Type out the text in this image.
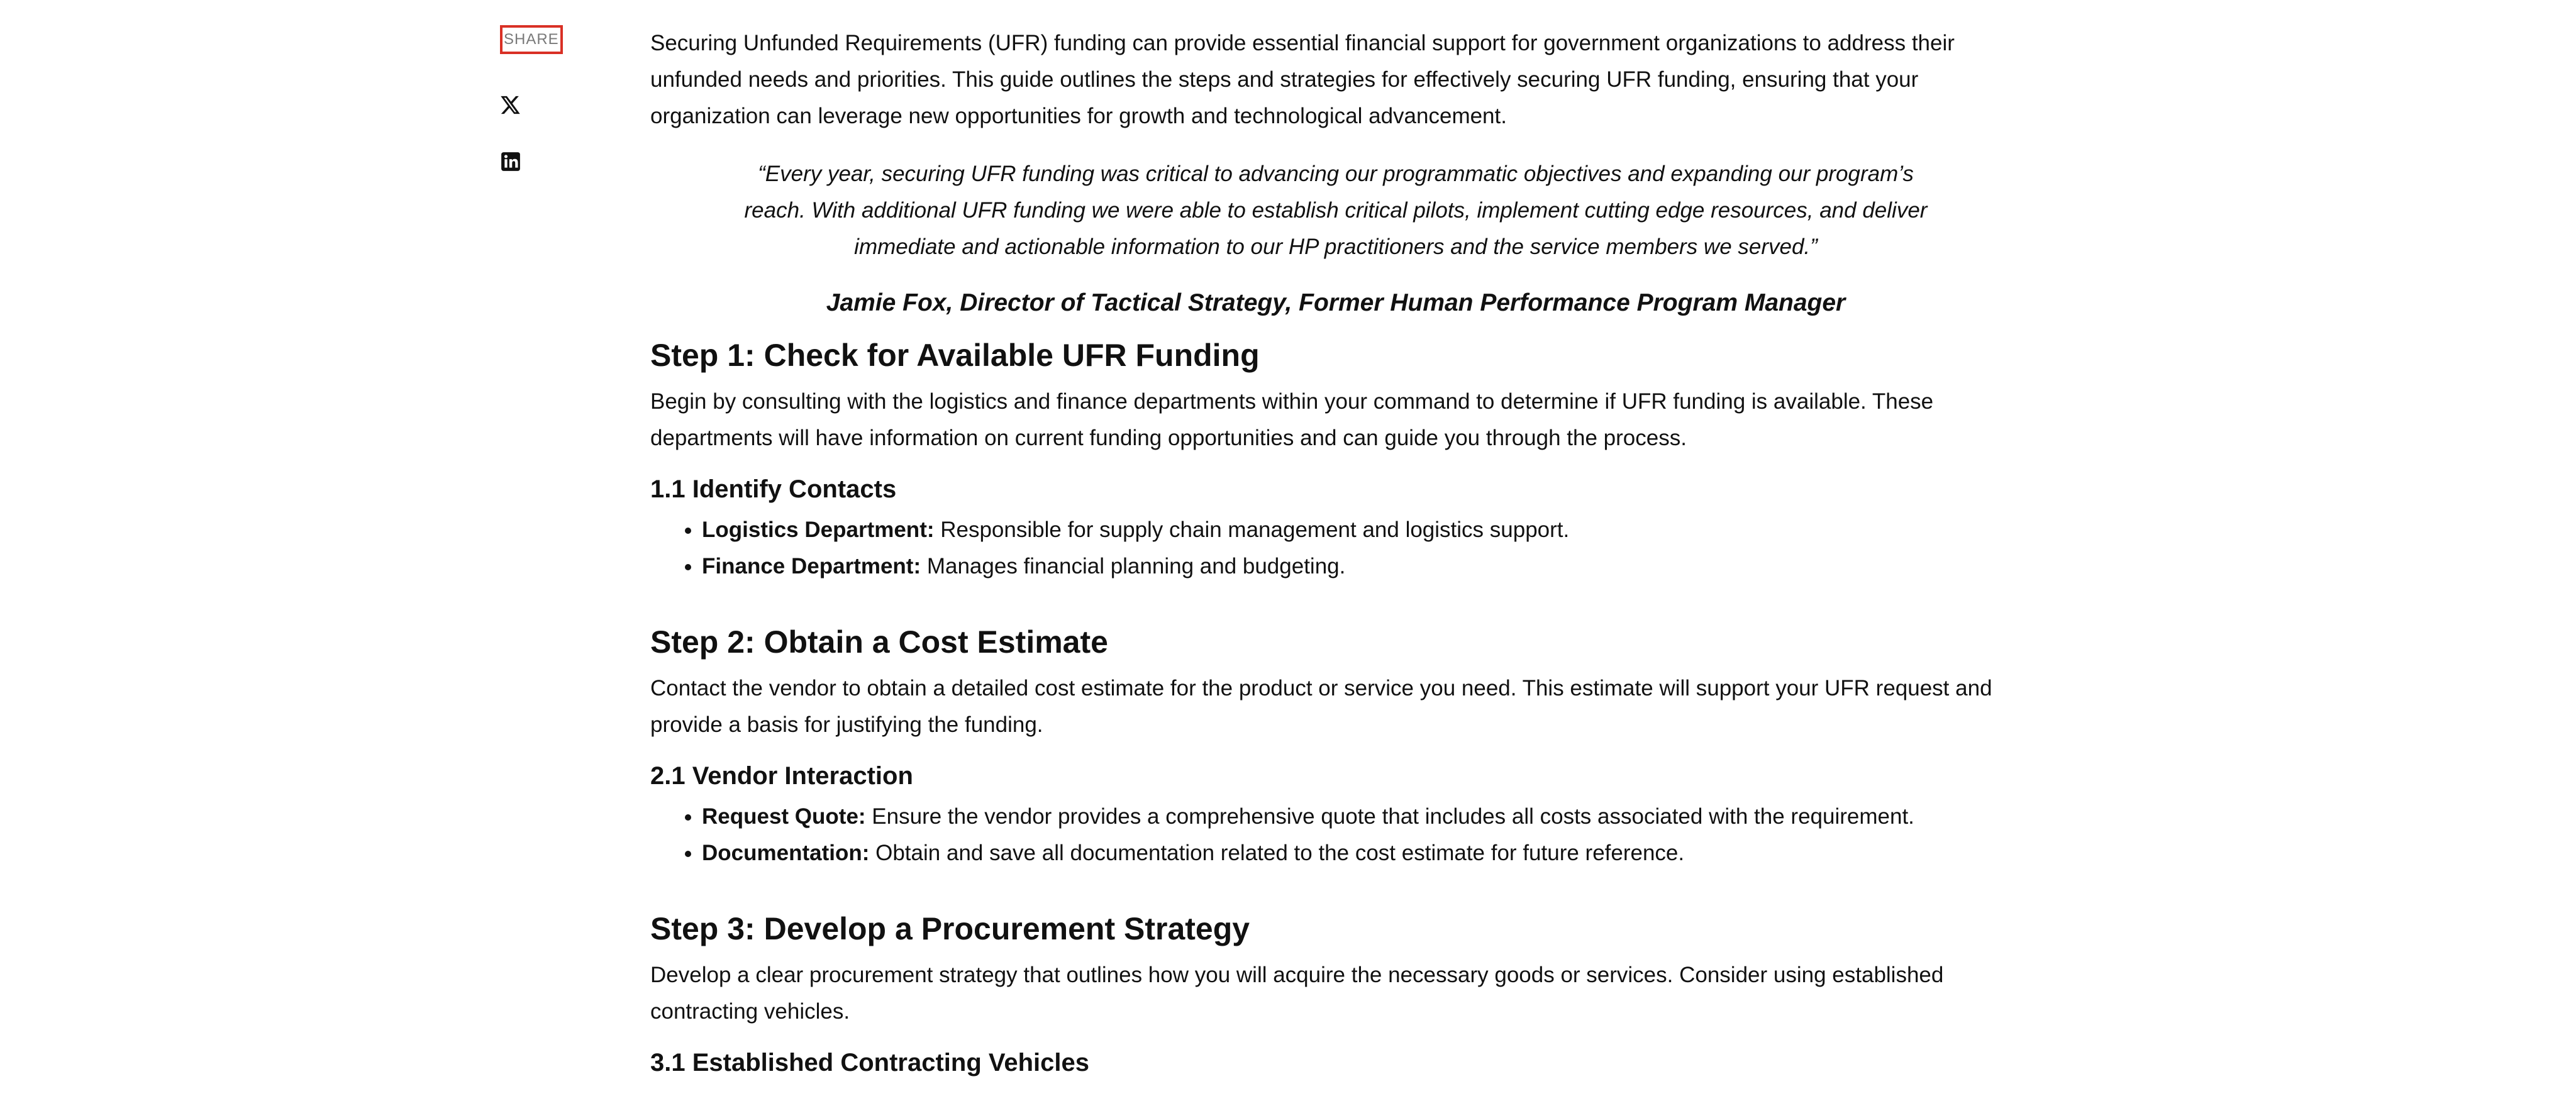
SHARE	Securing Unfunded Requirements (UFR) funding can provide essential financial support for government organizations to address their unfunded needs and priorities. This guide outlines the steps and strategies for effectively securing UFR funding, ensuring that your organization can leverage new opportunities for growth and technological advancement.

“Every year, securing UFR funding was critical to advancing our programmatic objectives and expanding our program’s reach. With additional UFR funding we were able to establish critical pilots, implement cutting edge resources, and deliver immediate and actionable information to our HP practitioners and the service members we served.”

Jamie Fox, Director of Tactical Strategy, Former Human Performance Program Manager

Step 1: Check for Available UFR Funding

Begin by consulting with the logistics and finance departments within your command to determine if UFR funding is available. These departments will have information on current funding opportunities and can guide you through the process.

1.1 Identify Contacts
• Logistics Department: Responsible for supply chain management and logistics support.
• Finance Department: Manages financial planning and budgeting.
Step 2: Obtain a Cost Estimate

Contact the vendor to obtain a detailed cost estimate for the product or service you need. This estimate will support your UFR request and provide a basis for justifying the funding.

2.1 Vendor Interaction
• Request Quote: Ensure the vendor provides a comprehensive quote that includes all costs associated with the requirement.
• Documentation: Obtain and save all documentation related to the cost estimate for future reference.
Step 3: Develop a Procurement Strategy

Develop a clear procurement strategy that outlines how you will acquire the necessary goods or services. Consider using established contracting vehicles.

3.1 Established Contracting Vehicles
